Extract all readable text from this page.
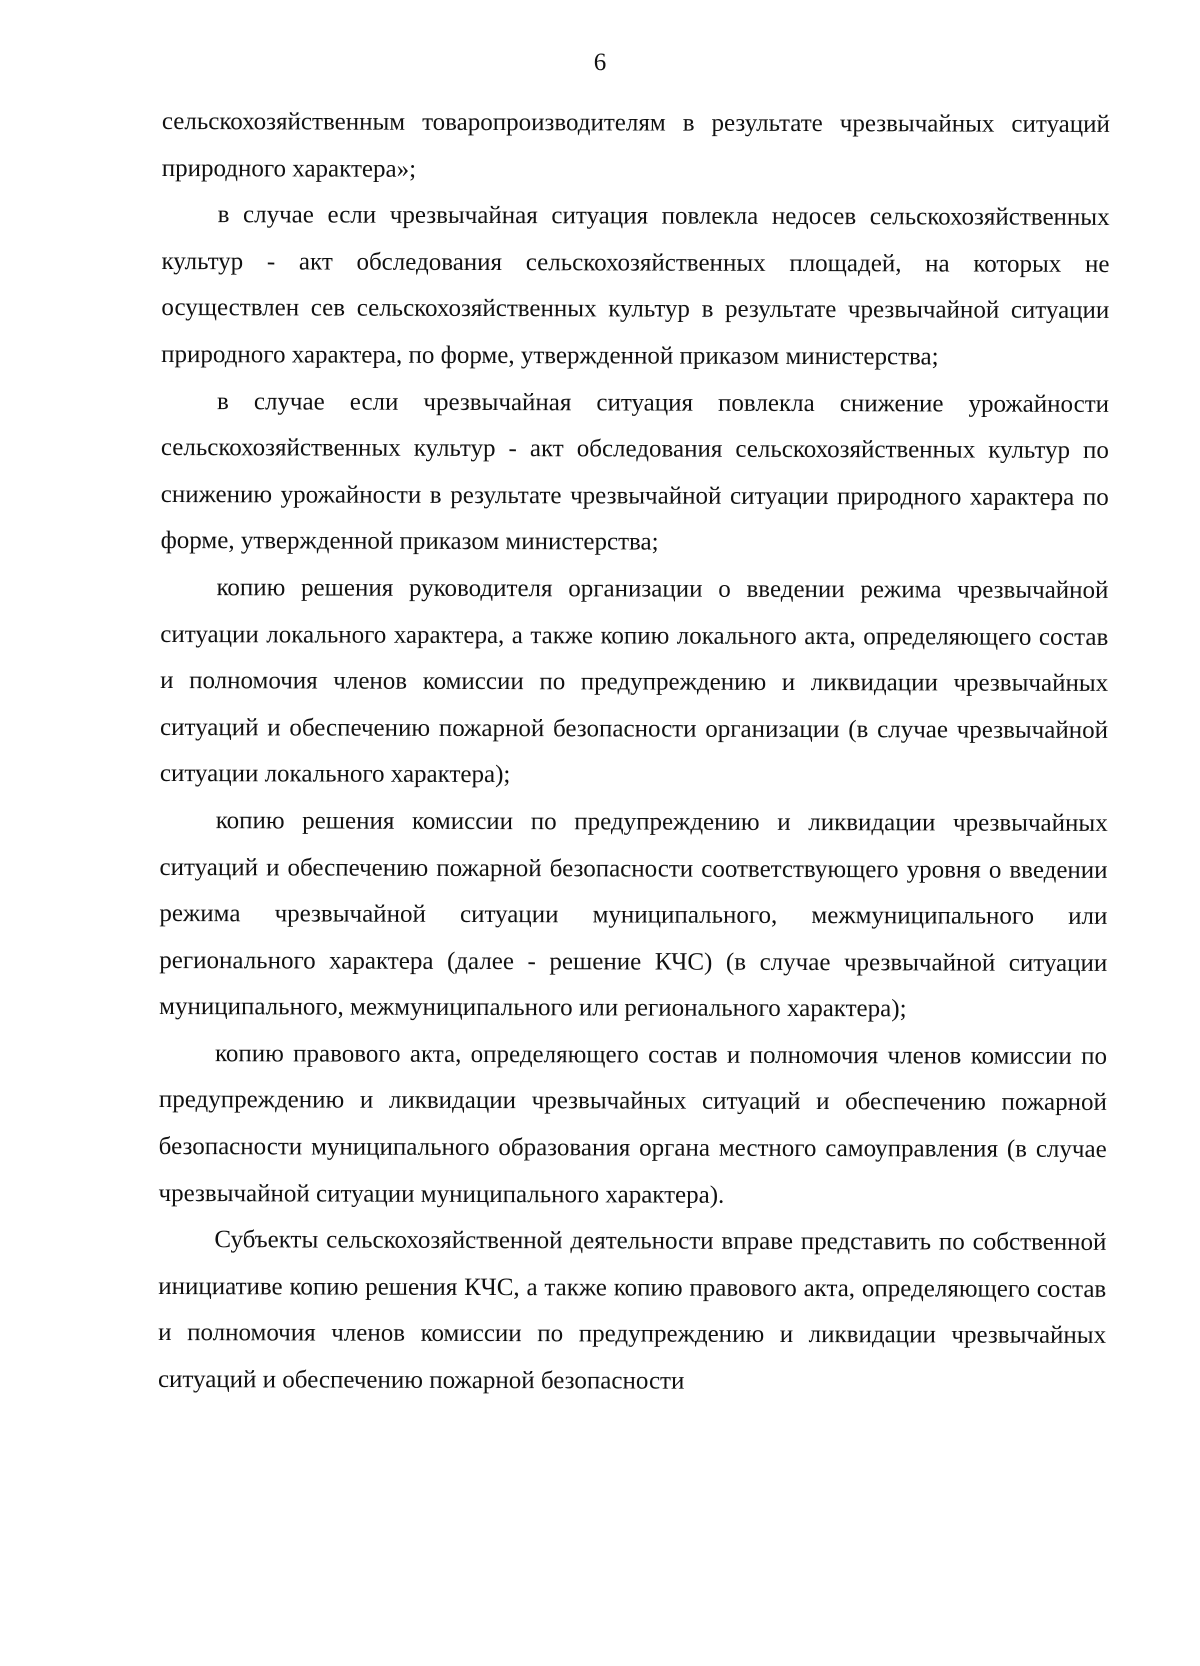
6

сельскохозяйственным товаропроизводителям в результате чрезвычайных ситуаций природного характера»;

в случае если чрезвычайная ситуация повлекла недосев сельскохозяйственных культур - акт обследования сельскохозяйственных площадей, на которых не осуществлен сев сельскохозяйственных культур в результате чрезвычайной ситуации природного характера, по форме, утвержденной приказом министерства;

в случае если чрезвычайная ситуация повлекла снижение урожайности сельскохозяйственных культур - акт обследования сельскохозяйственных культур по снижению урожайности в результате чрезвычайной ситуации природного характера по форме, утвержденной приказом министерства;

копию решения руководителя организации о введении режима чрезвычайной ситуации локального характера, а также копию локального акта, определяющего состав и полномочия членов комиссии по предупреждению и ликвидации чрезвычайных ситуаций и обеспечению пожарной безопасности организации (в случае чрезвычайной ситуации локального характера);

копию решения комиссии по предупреждению и ликвидации чрезвычайных ситуаций и обеспечению пожарной безопасности соответствующего уровня о введении режима чрезвычайной ситуации муниципального, межмуниципального или регионального характера (далее - решение КЧС) (в случае чрезвычайной ситуации муниципального, межмуниципального или регионального характера);

копию правового акта, определяющего состав и полномочия членов комиссии по предупреждению и ликвидации чрезвычайных ситуаций и обеспечению пожарной безопасности муниципального образования органа местного самоуправления (в случае чрезвычайной ситуации муниципального характера).

Субъекты сельскохозяйственной деятельности вправе представить по собственной инициативе копию решения КЧС, а также копию правового акта, определяющего состав и полномочия членов комиссии по предупреждению и ликвидации чрезвычайных ситуаций и обеспечению пожарной безопасности
